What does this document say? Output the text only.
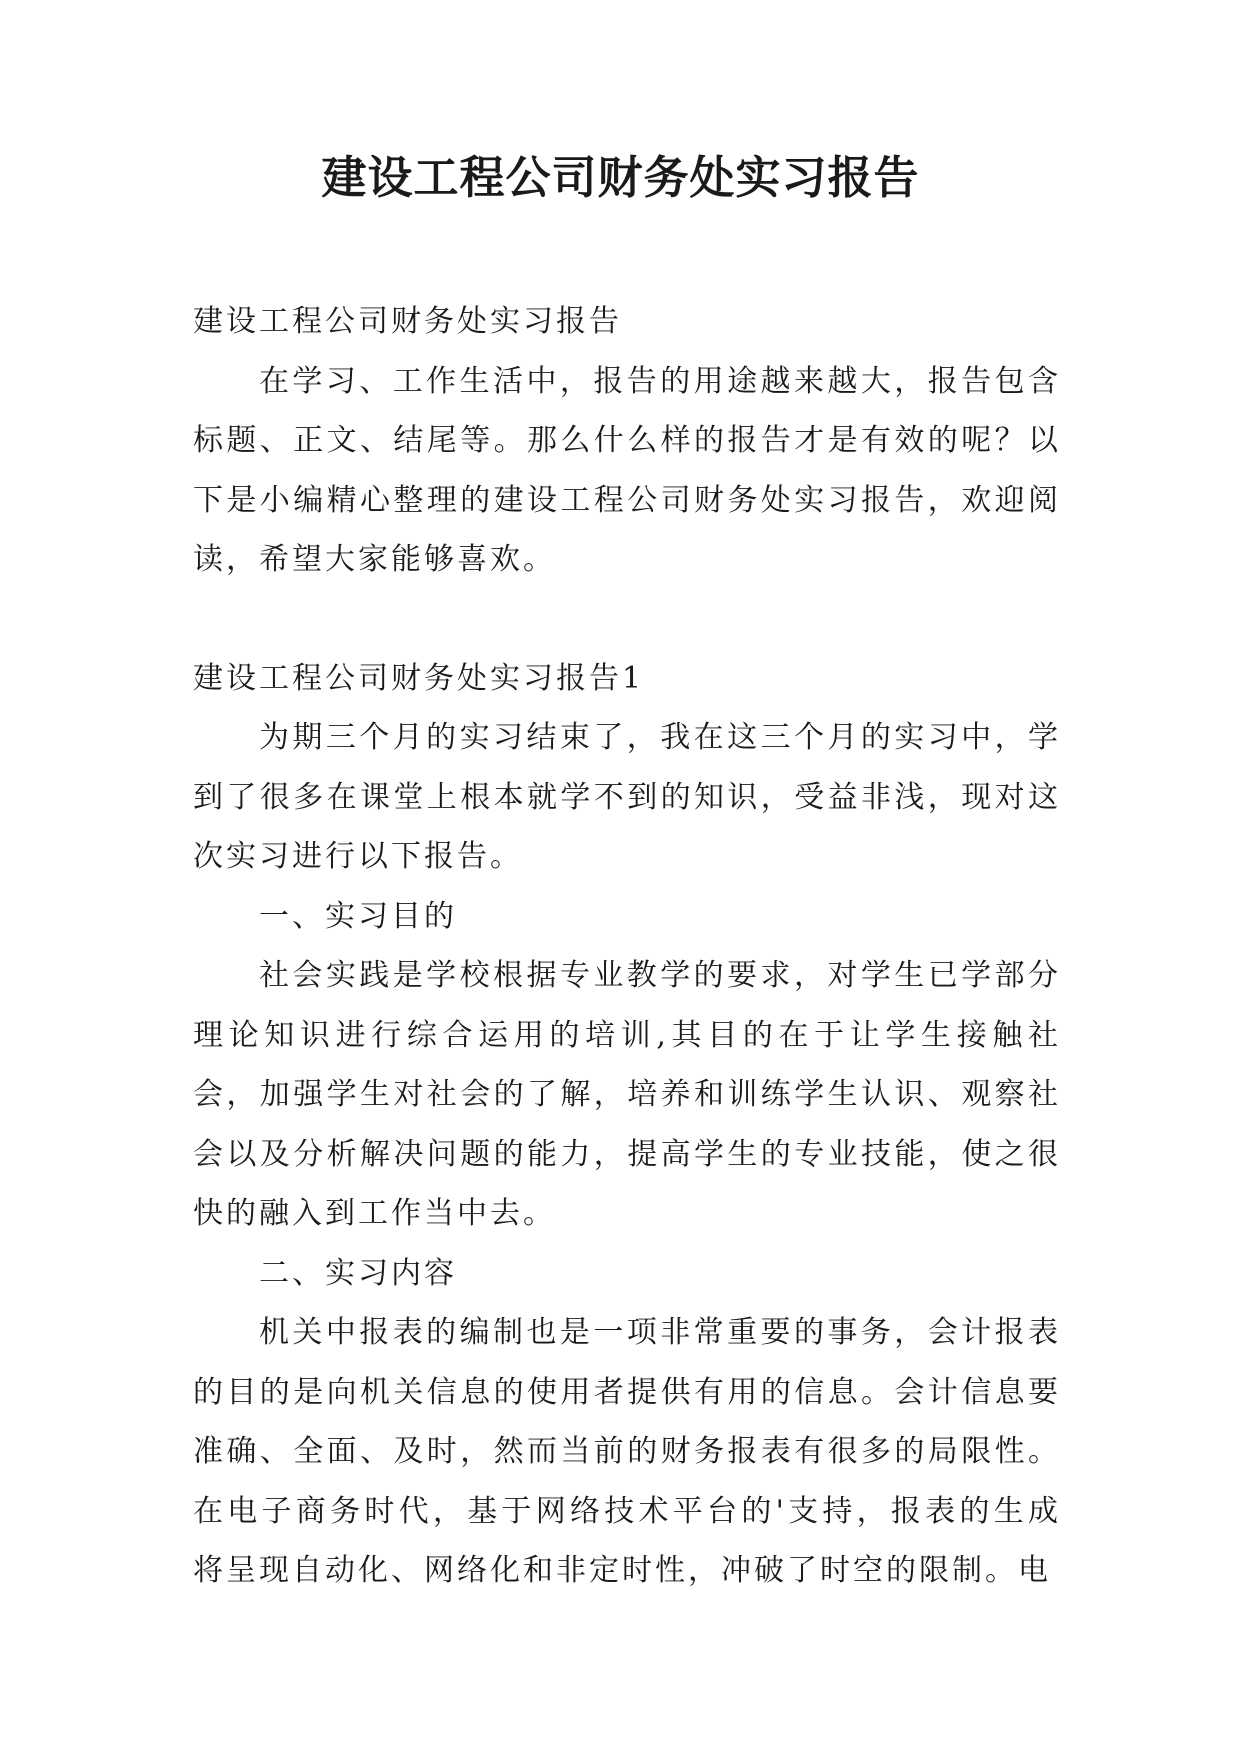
建设工程公司财务处实习报告

建设工程公司财务处实习报告

在学习、工作生活中，报告的用途越来越大，报告包含标题、正文、结尾等。那么什么样的报告才是有效的呢？以下是小编精心整理的建设工程公司财务处实习报告，欢迎阅读，希望大家能够喜欢。

建设工程公司财务处实习报告1

为期三个月的实习结束了，我在这三个月的实习中，学到了很多在课堂上根本就学不到的知识，受益非浅，现对这次实习进行以下报告。

一、实习目的

社会实践是学校根据专业教学的要求，对学生已学部分理论知识进行综合运用的培训,其目的在于让学生接触社会，加强学生对社会的了解，培养和训练学生认识、观察社会以及分析解决问题的能力，提高学生的专业技能，使之很快的融入到工作当中去。

二、实习内容

机关中报表的编制也是一项非常重要的事务，会计报表的目的是向机关信息的使用者提供有用的信息。会计信息要准确、全面、及时，然而当前的财务报表有很多的局限性。在电子商务时代，基于网络技术平台的'支持，报表的生成将呈现自动化、网络化和非定时性，冲破了时空的限制。电
